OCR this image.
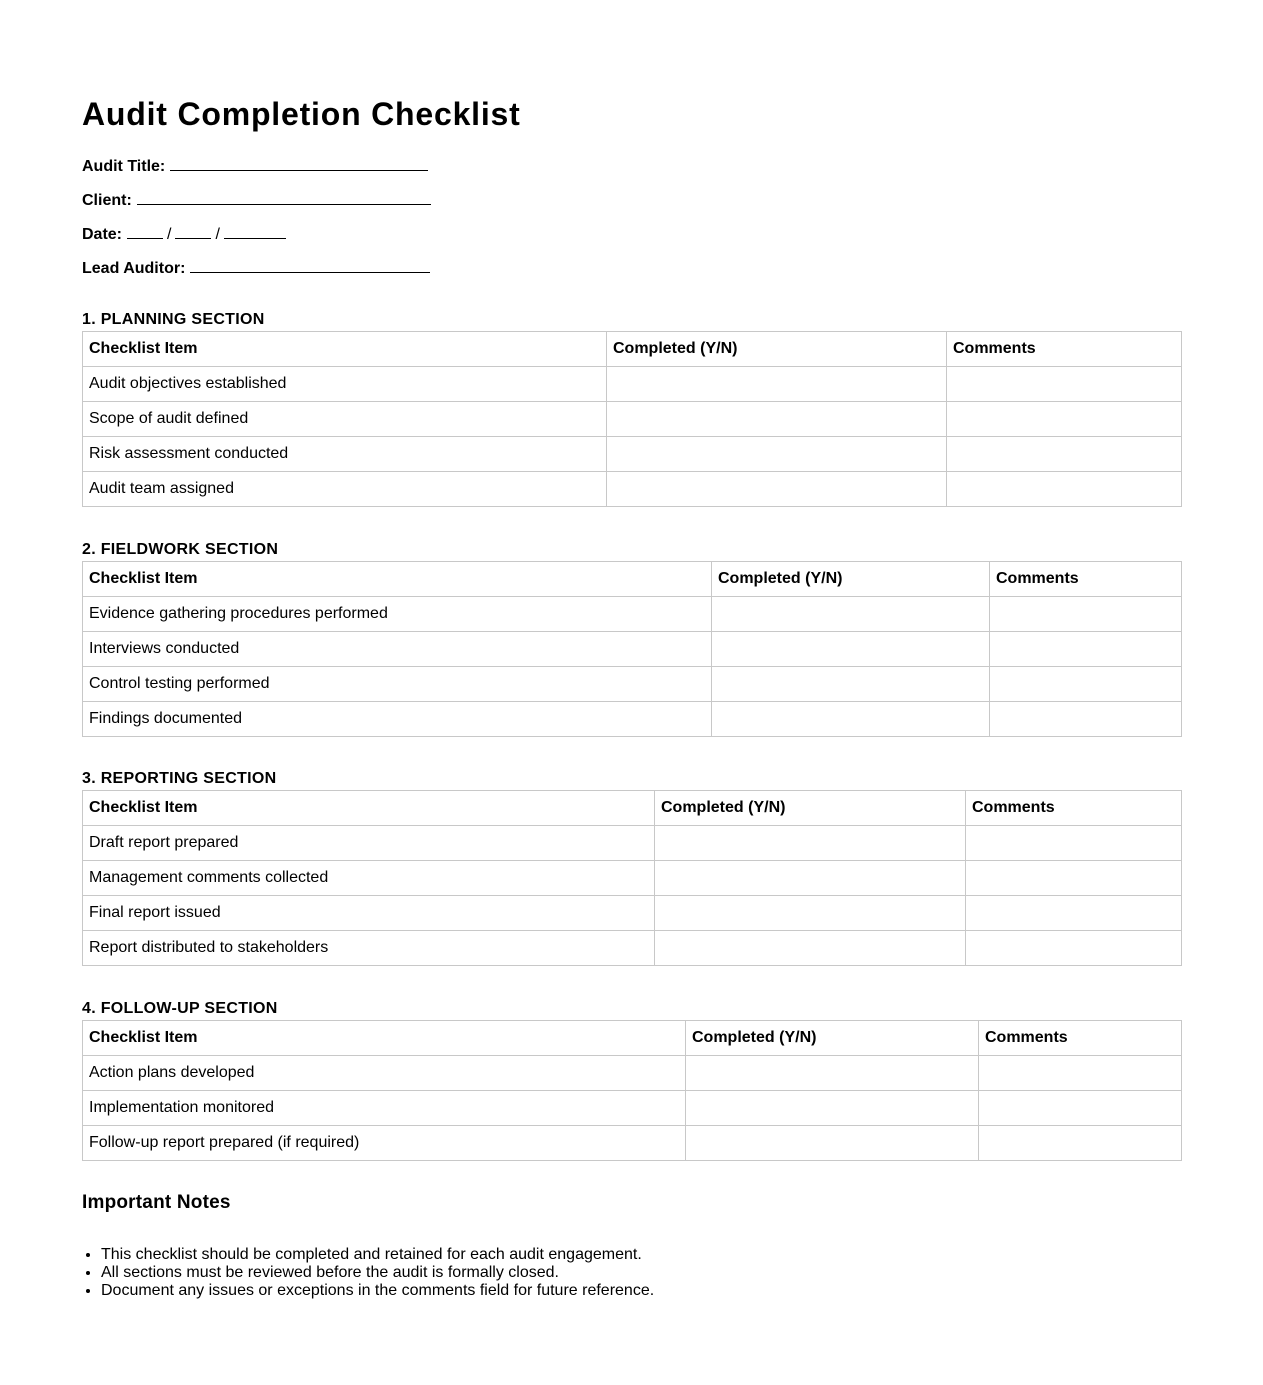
Audit Completion Checklist
Audit Title:
Client:
Date:	/	/
Lead Auditor:
1. PLANNING SECTION
Checklist Item	Completed (Y/N)	Comments
Audit objectives established		
Scope of audit defined		
Risk assessment conducted		
Audit team assigned		
2. FIELDWORK SECTION
Checklist Item	Completed (Y/N)	Comments
Evidence gathering procedures performed		
Interviews conducted		
Control testing performed		
Findings documented		
3. REPORTING SECTION
Checklist Item	Completed (Y/N)	Comments
Draft report prepared		
Management comments collected		
Final report issued		
Report distributed to stakeholders		
4. FOLLOW-UP SECTION
Checklist Item	Completed (Y/N)	Comments
Action plans developed		
Implementation monitored		
Follow-up report prepared (if required)		
Important Notes
• This checklist should be completed and retained for each audit engagement.
• All sections must be reviewed before the audit is formally closed.
• Document any issues or exceptions in the comments field for future reference.
